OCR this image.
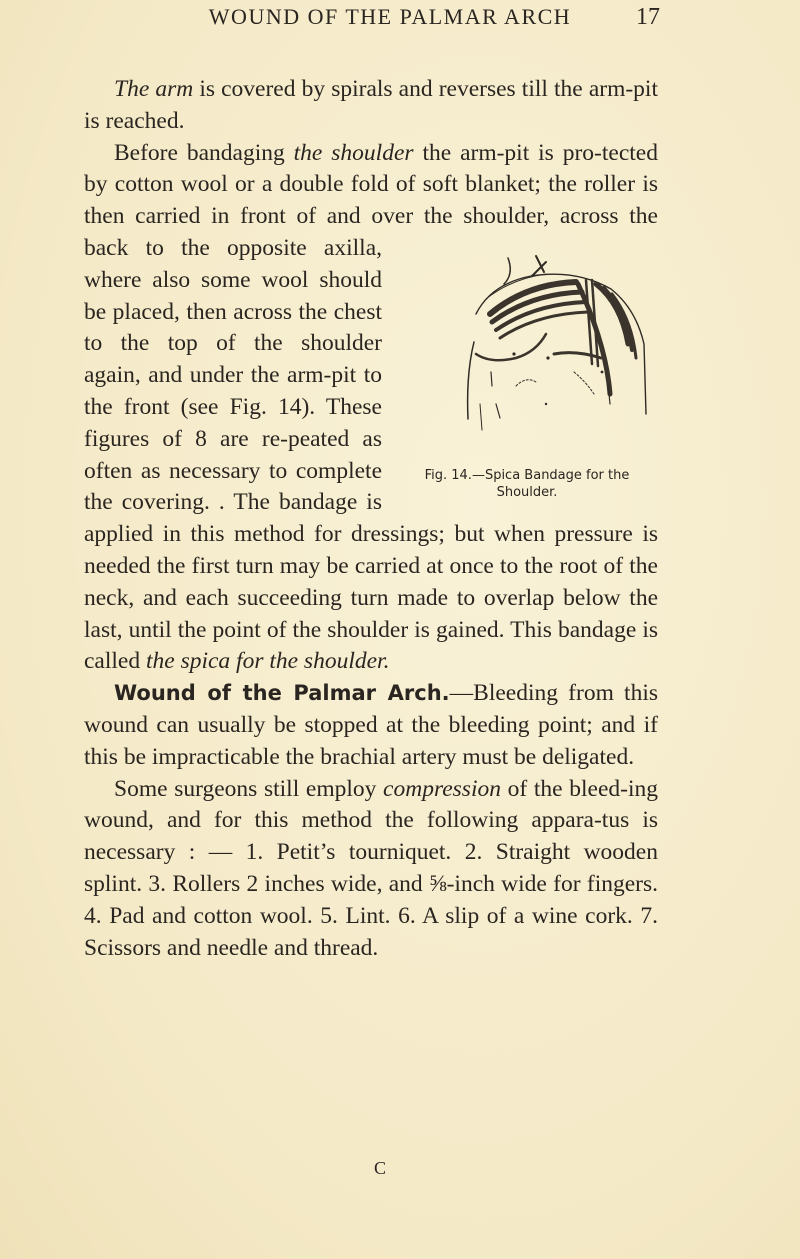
WOUND OF THE PALMAR ARCH	17
Fig. 14.—Spica Bandage for the Shoulder.

The arm is covered by spirals and reverses till the arm-pit is reached.

Before bandaging the shoulder the arm-pit is pro-tected by cotton wool or a double fold of soft blanket; the roller is then carried in front of and over the shoulder, across the back to the opposite axilla, where also some wool should be placed, then across the chest to the top of the shoulder again, and under the arm-pit to the front (see Fig. 14). These figures of 8 are re-peated as often as necessary to complete the covering. . The bandage is applied in this method for dressings; but when pressure is needed the first turn may be carried at once to the root of the neck, and each succeeding turn made to overlap below the last, until the point of the shoulder is gained. This bandage is called the spica for the shoulder.

Wound of the Palmar Arch.—Bleeding from this wound can usually be stopped at the bleeding point; and if this be impracticable the brachial artery must be deligated.

Some surgeons still employ compression of the bleed-ing wound, and for this method the following appara-tus is necessary : — 1. Petit’s tourniquet. 2. Straight wooden splint. 3. Rollers 2 inches wide, and ⅝-inch wide for fingers. 4. Pad and cotton wool. 5. Lint. 6. A slip of a wine cork. 7. Scissors and needle and thread.

C
